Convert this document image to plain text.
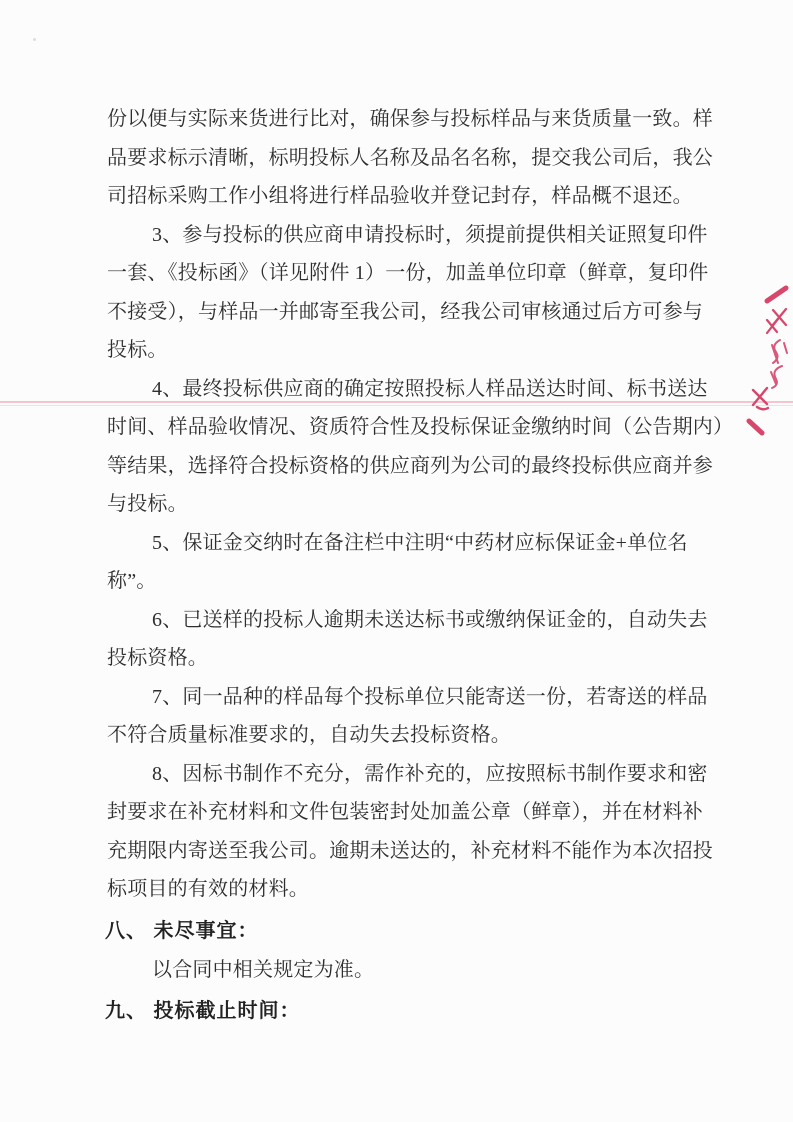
份以便与实际来货进行比对，确保参与投标样品与来货质量一致。样
品要求标示清晰，标明投标人名称及品名名称，提交我公司后，我公
司招标采购工作小组将进行样品验收并登记封存，样品概不退还。
3、参与投标的供应商申请投标时，须提前提供相关证照复印件
一套、《投标函》（详见附件 1）一份，加盖单位印章（鲜章，复印件
不接受），与样品一并邮寄至我公司，经我公司审核通过后方可参与
投标。
4、最终投标供应商的确定按照投标人样品送达时间、标书送达
时间、样品验收情况、资质符合性及投标保证金缴纳时间（公告期内）
等结果，选择符合投标资格的供应商列为公司的最终投标供应商并参
与投标。
5、保证金交纳时在备注栏中注明“中药材应标保证金+单位名
称”。
6、已送样的投标人逾期未送达标书或缴纳保证金的，自动失去
投标资格。
7、同一品种的样品每个投标单位只能寄送一份，若寄送的样品
不符合质量标准要求的，自动失去投标资格。
8、因标书制作不充分，需作补充的，应按照标书制作要求和密
封要求在补充材料和文件包装密封处加盖公章（鲜章），并在材料补
充期限内寄送至我公司。逾期未送达的，补充材料不能作为本次招投
标项目的有效的材料。
八、 未尽事宜：
以合同中相关规定为准。
九、 投标截止时间：
